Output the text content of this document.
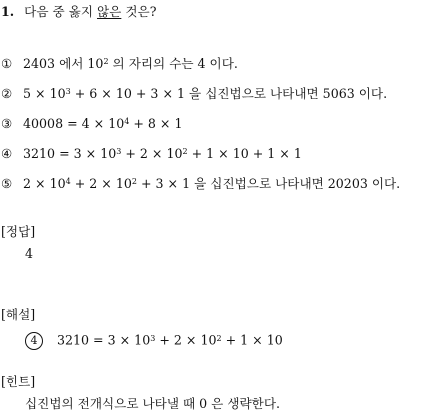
1. 다음 중 옳지 않은 것은?
① 2403 에서 $10^2$ 의 자리의 수는 4 이다.
② $5 \times 10^3 + 6 \times 10 + 3 \times 1$ 을 십진법으로 나타내면 5063 이다.
③ $40008 = 4 \times 10^4 + 8 \times 1$
④ $3210 = 3 \times 10^3 + 2 \times 10^2 + 1 \times 10 + 1 \times 1$
⑤ $2 \times 10^4 + 2 \times 10^2 + 3 \times 1$ 을 십진법으로 나타내면 20203 이다.
[정답]
4
[해설]
4 $3210 = 3 \times 10^3 + 2 \times 10^2 + 1 \times 10$
[힌트]
십진법의 전개식으로 나타낼 때 0 은 생략한다.
